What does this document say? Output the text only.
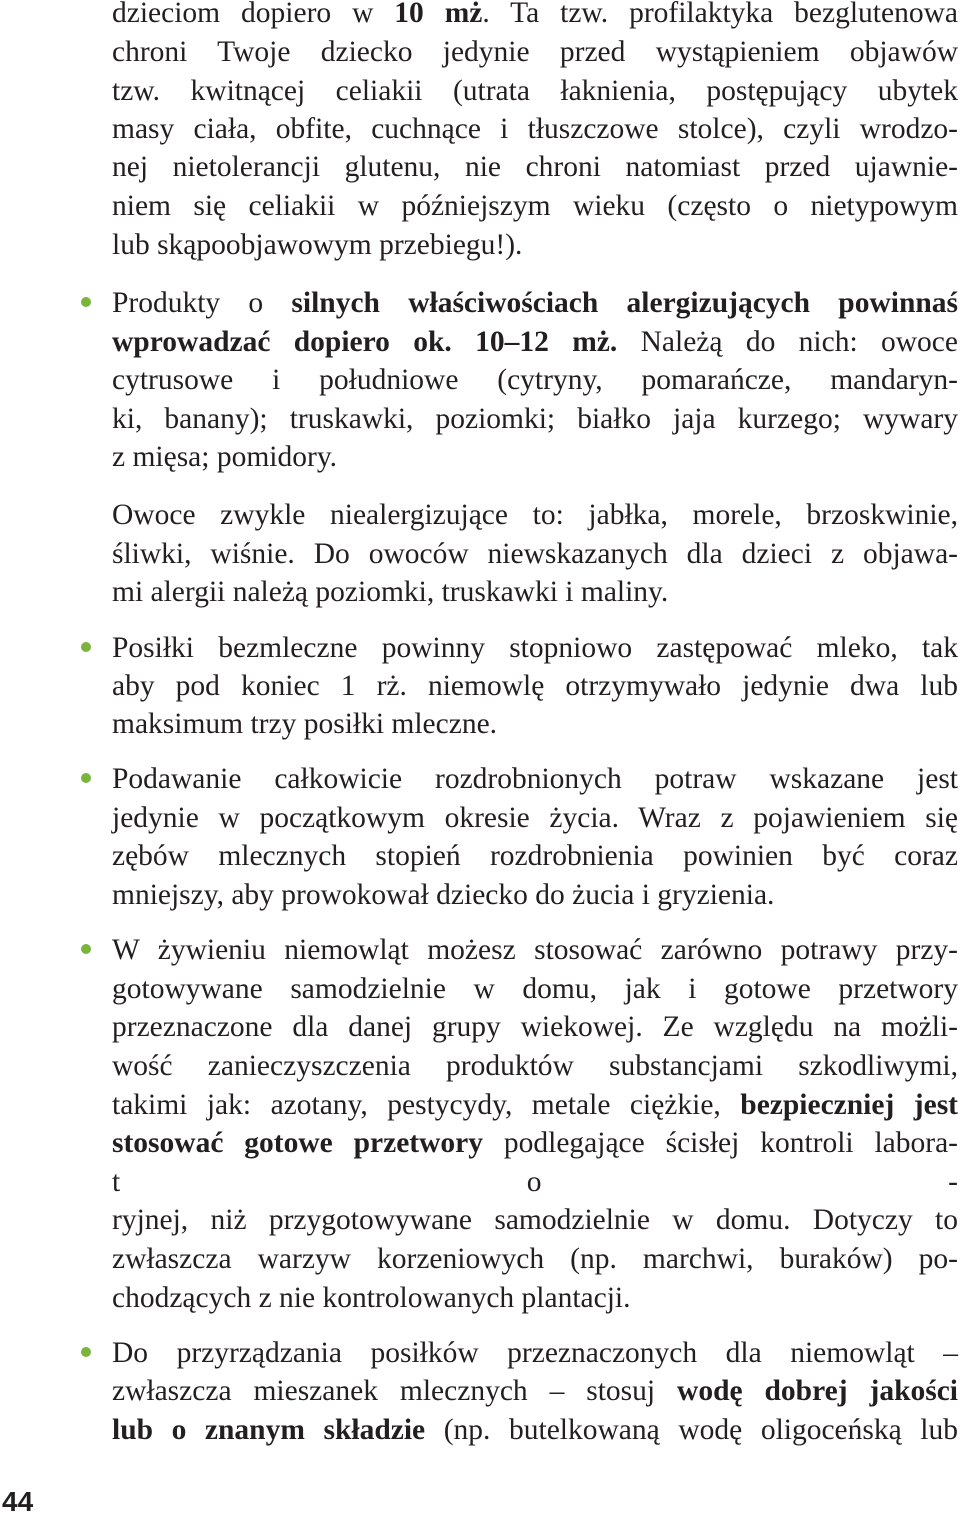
dzieciom dopiero w 10 mż. Ta tzw. profilaktyka bezglutenowa
chroni Twoje dziecko jedynie przed wystąpieniem objawów
tzw. kwitnącej celiakii (utrata łaknienia, postępujący ubytek
masy ciała, obfite, cuchnące i tłuszczowe stolce), czyli wrodzo-
nej nietolerancji glutenu, nie chroni natomiast przed ujawnie-
niem się celiakii w późniejszym wieku (często o nietypowym
lub skąpoobjawowym przebiegu!).
Produkty o silnych właściwościach alergizujących powinnaś
wprowadzać dopiero ok. 10–12 mż. Należą do nich: owoce
cytrusowe i południowe (cytryny, pomarańcze, mandaryn-
ki, banany); truskawki, poziomki; białko jaja kurzego; wywary
z mięsa; pomidory.
Owoce zwykle niealergizujące to: jabłka, morele, brzoskwinie,
śliwki, wiśnie. Do owoców niewskazanych dla dzieci z objawa-
mi alergii należą poziomki, truskawki i maliny.
Posiłki bezmleczne powinny stopniowo zastępować mleko, tak
aby pod koniec 1 rż. niemowlę otrzymywało jedynie dwa lub
maksimum trzy posiłki mleczne.
Podawanie całkowicie rozdrobnionych potraw wskazane jest
jedynie w początkowym okresie życia. Wraz z pojawieniem się
zębów mlecznych stopień rozdrobnienia powinien być coraz
mniejszy, aby prowokował dziecko do żucia i gryzienia.
W żywieniu niemowląt możesz stosować zarówno potrawy przy-
gotowywane samodzielnie w domu, jak i gotowe przetwory
przeznaczone dla danej grupy wiekowej. Ze względu na możli-
wość zanieczyszczenia produktów substancjami szkodliwymi,
takimi jak: azotany, pestycydy, metale ciężkie, bezpieczniej jest
stosować gotowe przetwory podlegające ścisłej kontroli labora-
t o -
ryjnej, niż przygotowywane samodzielnie w domu. Dotyczy to
zwłaszcza warzyw korzeniowych (np. marchwi, buraków) po-
chodzących z nie kontrolowanych plantacji.
Do przyrządzania posiłków przeznaczonych dla niemowląt –
zwłaszcza mieszanek mlecznych – stosuj wodę dobrej jakości
lub o znanym składzie (np. butelkowaną wodę oligoceńską lub
44
